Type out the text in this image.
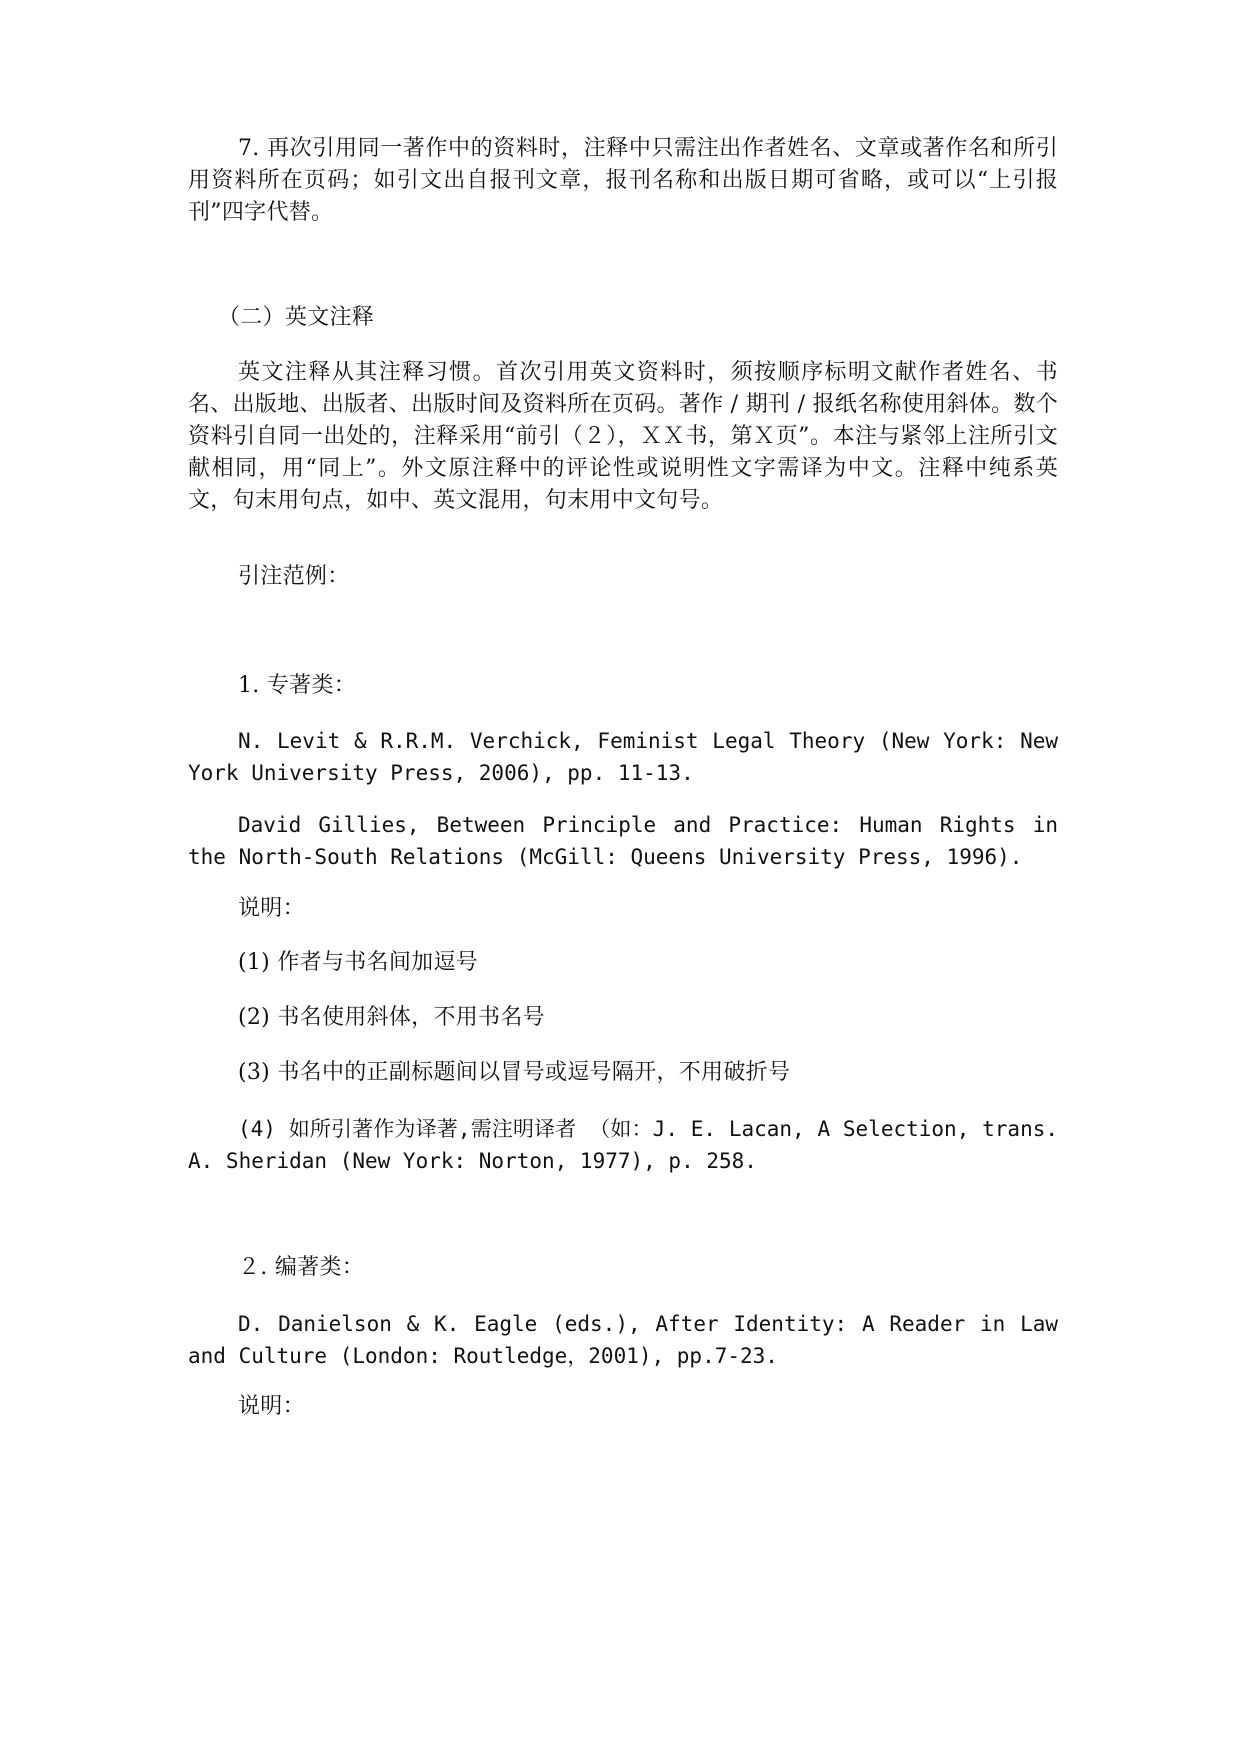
7. 再次引用同一著作中的资料时，注释中只需注出作者姓名、文章或著作名和所引用资料所在页码；如引文出自报刊文章，报刊名称和出版日期可省略，或可以“上引报刊”四字代替。

（二）英文注释

英文注释从其注释习惯。首次引用英文资料时，须按顺序标明文献作者姓名、书名、出版地、出版者、出版时间及资料所在页码。著作 / 期刊 / 报纸名称使用斜体。数个资料引自同一出处的，注释采用“前引（２），ＸＸ书，第Ｘ页”。本注与紧邻上注所引文献相同，用“同上”。外文原注释中的评论性或说明性文字需译为中文。注释中纯系英文，句末用句点，如中、英文混用，句末用中文句号。

引注范例：

1. 专著类：

N. Levit & R.R.M. Verchick, Feminist Legal Theory (New York: New York University Press, 2006), pp. 11-13.

David Gillies, Between Principle and Practice: Human Rights in the North-South Relations (McGill: Queens University Press, 1996).

说明：

(1) 作者与书名间加逗号

(2) 书名使用斜体，不用书名号

(3) 书名中的正副标题间以冒号或逗号隔开，不用破折号

(4) 如所引著作为译著,需注明译者 （如：J. E. Lacan, A Selection, trans. A. Sheridan (New York: Norton, 1977), p. 258.

２. 编著类：

D. Danielson & K. Eagle (eds.), After Identity: A Reader in Law and Culture (London: Routledge，2001), pp.7-23.

说明：
